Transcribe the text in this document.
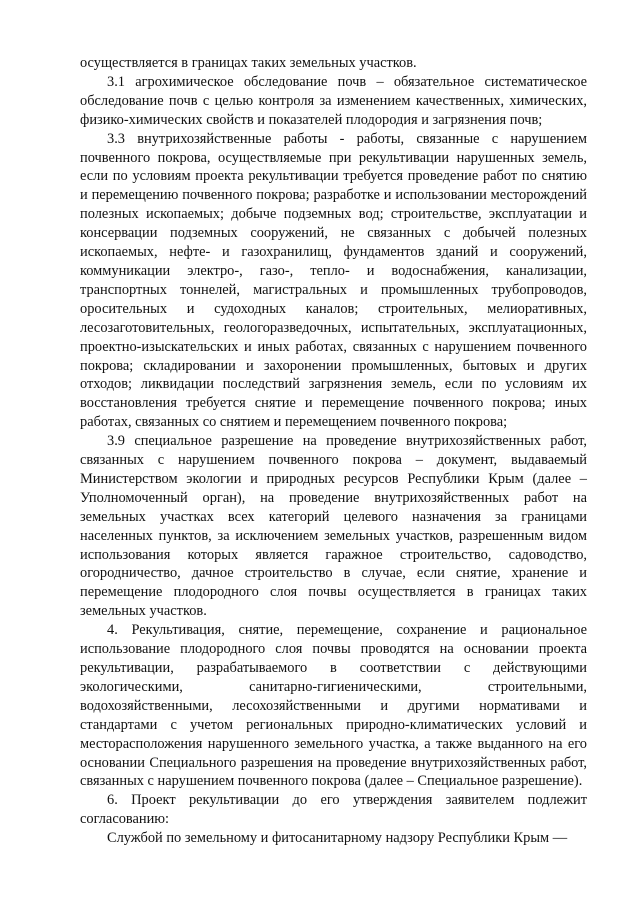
осуществляется в границах таких земельных участков.

3.1 агрохимическое обследование почв – обязательное систематическое обследование почв с целью контроля за изменением качественных, химических, физико-химических свойств и показателей плодородия и загрязнения почв;

3.3 внутрихозяйственные работы - работы, связанные с нарушением почвенного покрова, осуществляемые при рекультивации нарушенных земель, если по условиям проекта рекультивации требуется проведение работ по снятию и перемещению почвенного покрова; разработке и использовании месторождений полезных ископаемых; добыче подземных вод; строительстве, эксплуатации и консервации подземных сооружений, не связанных с добычей полезных ископаемых, нефте- и газохранилищ, фундаментов зданий и сооружений, коммуникации электро-, газо-, тепло- и водоснабжения, канализации, транспортных тоннелей, магистральных и промышленных трубопроводов, оросительных и судоходных каналов; строительных, мелиоративных, лесозаготовительных, геологоразведочных, испытательных, эксплуатационных, проектно-изыскательских и иных работах, связанных с нарушением почвенного покрова; складировании и захоронении промышленных, бытовых и других отходов; ликвидации последствий загрязнения земель, если по условиям их восстановления требуется снятие и перемещение почвенного покрова; иных работах, связанных со снятием и перемещением почвенного покрова;

3.9 специальное разрешение на проведение внутрихозяйственных работ, связанных с нарушением почвенного покрова – документ, выдаваемый Министерством экологии и природных ресурсов Республики Крым (далее – Уполномоченный орган), на проведение внутрихозяйственных работ на земельных участках всех категорий целевого назначения за границами населенных пунктов, за исключением земельных участков, разрешенным видом использования которых является гаражное строительство, садоводство, огородничество, дачное строительство в случае, если снятие, хранение и перемещение плодородного слоя почвы осуществляется в границах таких земельных участков.

4. Рекультивация, снятие, перемещение, сохранение и рациональное использование плодородного слоя почвы проводятся на основании проекта рекультивации, разрабатываемого в соответствии с действующими экологическими, санитарно-гигиеническими, строительными, водохозяйственными, лесохозяйственными и другими нормативами и стандартами с учетом региональных природно-климатических условий и месторасположения нарушенного земельного участка, а также выданного на его основании Специального разрешения на проведение внутрихозяйственных работ, связанных с нарушением почвенного покрова (далее – Специальное разрешение).

6. Проект рекультивации до его утверждения заявителем подлежит согласованию:

Службой по земельному и фитосанитарному надзору Республики Крым —
